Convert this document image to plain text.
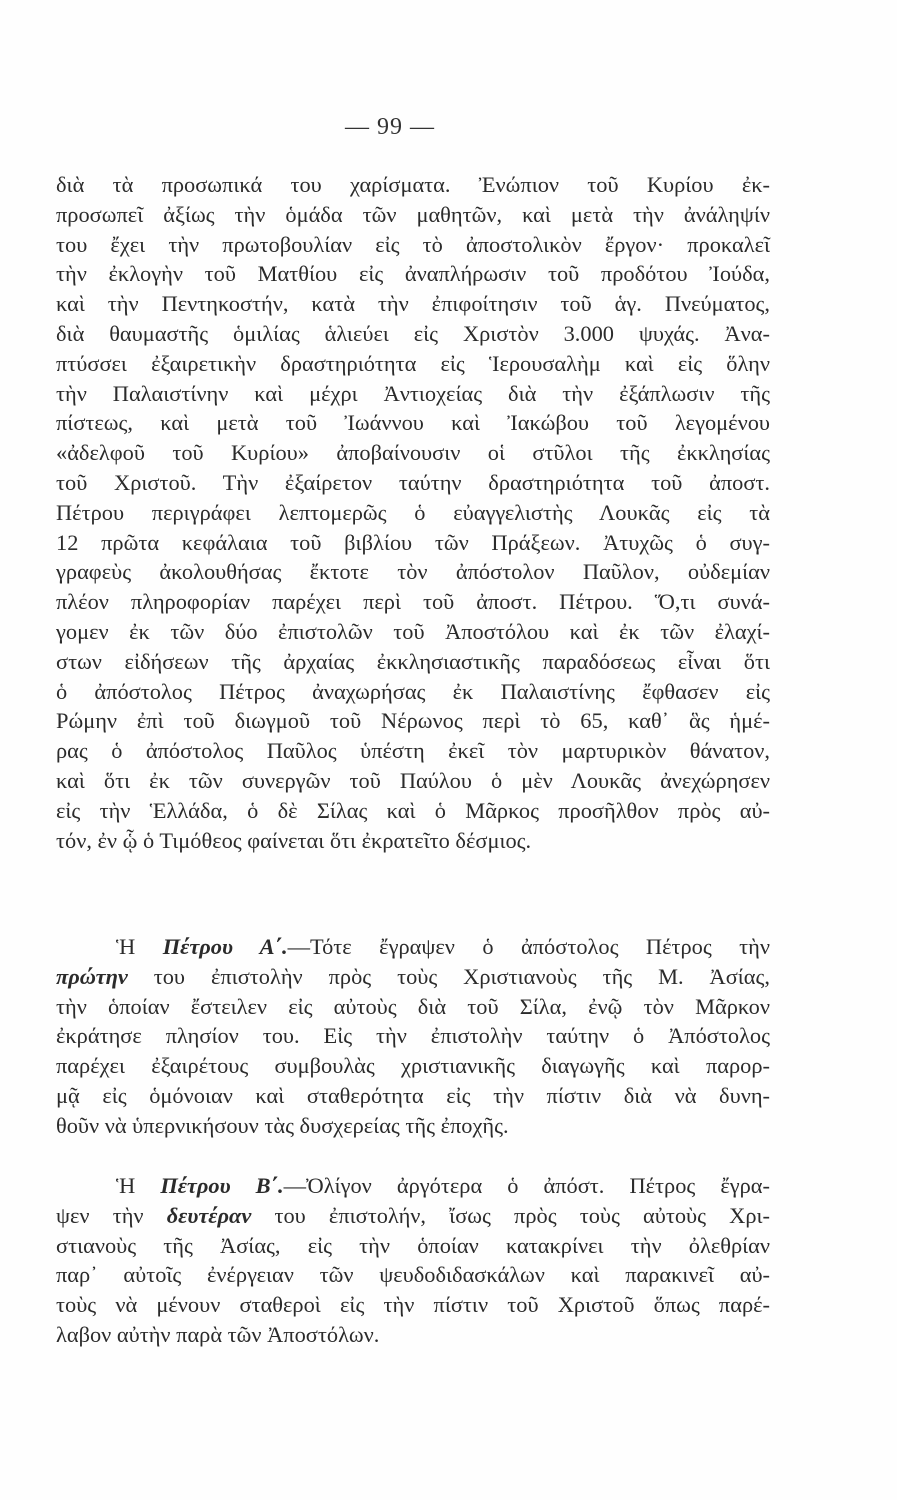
— 99 —
διὰ τὰ προσωπικά του χαρίσματα. Ἐνώπιον τοῦ Κυρίου ἐκ-
προσωπεῖ ἀξίως τὴν ὁμάδα τῶν μαθητῶν, καὶ μετὰ τὴν ἀνάληψίν
του ἔχει τὴν πρωτοβουλίαν εἰς τὸ ἀποστολικὸν ἔργον· προκαλεῖ
τὴν ἐκλογὴν τοῦ Ματθίου εἰς ἀναπλήρωσιν τοῦ προδότου Ἰούδα,
καὶ τὴν Πεντηκοστήν, κατὰ τὴν ἐπιφοίτησιν τοῦ ἁγ. Πνεύματος,
διὰ θαυμαστῆς ὁμιλίας ἁλιεύει εἰς Χριστὸν 3.000 ψυχάς. Ἀνα-
πτύσσει ἐξαιρετικὴν δραστηριότητα εἰς Ἱερουσαλὴμ καὶ εἰς ὅλην
τὴν Παλαιστίνην καὶ μέχρι Ἀντιοχείας διὰ τὴν ἐξάπλωσιν τῆς
πίστεως, καὶ μετὰ τοῦ Ἰωάννου καὶ Ἰακώβου τοῦ λεγομένου
«ἀδελφοῦ τοῦ Κυρίου» ἀποβαίνουσιν οἱ στῦλοι τῆς ἐκκλησίας
τοῦ Χριστοῦ. Τὴν ἐξαίρετον ταύτην δραστηριότητα τοῦ ἀποστ.
Πέτρου περιγράφει λεπτομερῶς ὁ εὐαγγελιστὴς Λουκᾶς εἰς τὰ
12 πρῶτα κεφάλαια τοῦ βιβλίου τῶν Πράξεων. Ἀτυχῶς ὁ συγ-
γραφεὺς ἀκολουθήσας ἔκτοτε τὸν ἀπόστολον Παῦλον, οὐδεμίαν
πλέον πληροφορίαν παρέχει περὶ τοῦ ἀποστ. Πέτρου. Ὅ,τι συνά-
γομεν ἐκ τῶν δύο ἐπιστολῶν τοῦ Ἀποστόλου καὶ ἐκ τῶν ἐλαχί-
στων εἰδήσεων τῆς ἀρχαίας ἐκκλησιαστικῆς παραδόσεως εἶναι ὅτι
ὁ ἀπόστολος Πέτρος ἀναχωρήσας ἐκ Παλαιστίνης ἔφθασεν εἰς
Ρώμην ἐπὶ τοῦ διωγμοῦ τοῦ Νέρωνος περὶ τὸ 65, καθ᾽ ἃς ἡμέ-
ρας ὁ ἀπόστολος Παῦλος ὑπέστη ἐκεῖ τὸν μαρτυρικὸν θάνατον,
καὶ ὅτι ἐκ τῶν συνεργῶν τοῦ Παύλου ὁ μὲν Λουκᾶς ἀνεχώρησεν
εἰς τὴν Ἑλλάδα, ὁ δὲ Σίλας καὶ ὁ Μᾶρκος προσῆλθον πρὸς αὐ-
τόν, ἐν ᾧ ὁ Τιμόθεος φαίνεται ὅτι ἐκρατεῖτο δέσμιος.
Ἡ Πέτρου Α΄.—Τότε ἔγραψεν ὁ ἀπόστολος Πέτρος τὴν
πρώτην του ἐπιστολὴν πρὸς τοὺς Χριστιανοὺς τῆς Μ. Ἀσίας,
τὴν ὁποίαν ἔστειλεν εἰς αὐτοὺς διὰ τοῦ Σίλα, ἐνῷ τὸν Μᾶρκον
ἐκράτησε πλησίον του. Εἰς τὴν ἐπιστολὴν ταύτην ὁ Ἀπόστολος
παρέχει ἐξαιρέτους συμβουλὰς χριστιανικῆς διαγωγῆς καὶ παρορ-
μᾷ εἰς ὁμόνοιαν καὶ σταθερότητα εἰς τὴν πίστιν διὰ νὰ δυνη-
θοῦν νὰ ὑπερνικήσουν τὰς δυσχερείας τῆς ἐποχῆς.
Ἡ Πέτρου Β΄.—Ὀλίγον ἀργότερα ὁ ἀπόστ. Πέτρος ἔγρα-
ψεν τὴν δευτέραν του ἐπιστολήν, ἴσως πρὸς τοὺς αὐτοὺς Χρι-
στιανοὺς τῆς Ἀσίας, εἰς τὴν ὁποίαν κατακρίνει τὴν ὀλεθρίαν
παρ᾽ αὐτοῖς ἐνέργειαν τῶν ψευδοδιδασκάλων καὶ παρακινεῖ αὐ-
τοὺς νὰ μένουν σταθεροὶ εἰς τὴν πίστιν τοῦ Χριστοῦ ὅπως παρέ-
λαβον αὐτὴν παρὰ τῶν Ἀποστόλων.
